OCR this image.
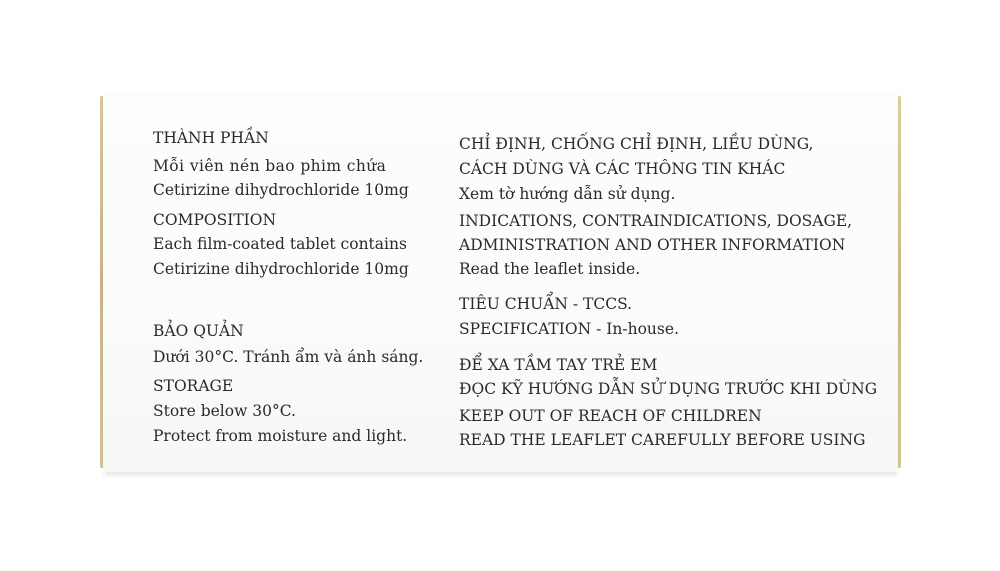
THÀNH PHẦN
Mỗi viên nén bao phim chứa
Cetirizine dihydrochloride 10mg
COMPOSITION
Each film-coated tablet contains
Cetirizine dihydrochloride 10mg
BẢO QUẢN
Dưới 30°C. Tránh ẩm và ánh sáng.
STORAGE
Store below 30°C.
Protect from moisture and light.
CHỈ ĐỊNH, CHỐNG CHỈ ĐỊNH, LIỀU DÙNG,
CÁCH DÙNG VÀ CÁC THÔNG TIN KHÁC
Xem tờ hướng dẫn sử dụng.
INDICATIONS, CONTRAINDICATIONS, DOSAGE,
ADMINISTRATION AND OTHER INFORMATION
Read the leaflet inside.
TIÊU CHUẨN - TCCS.
SPECIFICATION - In-house.
ĐỂ XA TẦM TAY TRẺ EM
ĐỌC KỸ HƯỚNG DẪN SỬ DỤNG TRƯỚC KHI DÙNG
KEEP OUT OF REACH OF CHILDREN
READ THE LEAFLET CAREFULLY BEFORE USING
